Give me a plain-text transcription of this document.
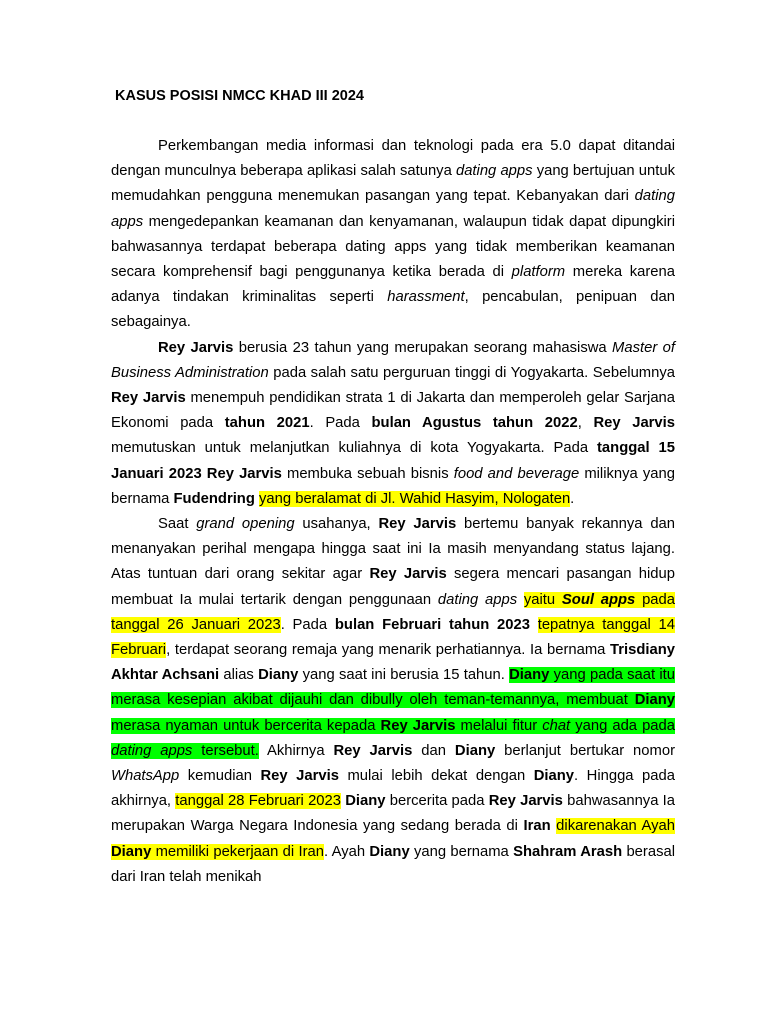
KASUS POSISI NMCC KHAD III 2024

Perkembangan media informasi dan teknologi pada era 5.0 dapat ditandai dengan munculnya beberapa aplikasi salah satunya dating apps yang bertujuan untuk memudahkan pengguna menemukan pasangan yang tepat. Kebanyakan dari dating apps mengedepankan keamanan dan kenyamanan, walaupun tidak dapat dipungkiri bahwasannya terdapat beberapa dating apps yang tidak memberikan keamanan secara komprehensif bagi penggunanya ketika berada di platform mereka karena adanya tindakan kriminalitas seperti harassment, pencabulan, penipuan dan sebagainya.

Rey Jarvis berusia 23 tahun yang merupakan seorang mahasiswa Master of Business Administration pada salah satu perguruan tinggi di Yogyakarta. Sebelumnya Rey Jarvis menempuh pendidikan strata 1 di Jakarta dan memperoleh gelar Sarjana Ekonomi pada tahun 2021. Pada bulan Agustus tahun 2022, Rey Jarvis memutuskan untuk melanjutkan kuliahnya di kota Yogyakarta. Pada tanggal 15 Januari 2023 Rey Jarvis membuka sebuah bisnis food and beverage miliknya yang bernama Fudendring yang beralamat di Jl. Wahid Hasyim, Nologaten.

Saat grand opening usahanya, Rey Jarvis bertemu banyak rekannya dan menanyakan perihal mengapa hingga saat ini Ia masih menyandang status lajang. Atas tuntuan dari orang sekitar agar Rey Jarvis segera mencari pasangan hidup membuat Ia mulai tertarik dengan penggunaan dating apps yaitu Soul apps pada tanggal 26 Januari 2023. Pada bulan Februari tahun 2023 tepatnya tanggal 14 Februari, terdapat seorang remaja yang menarik perhatiannya. Ia bernama Trisdiany Akhtar Achsani alias Diany yang saat ini berusia 15 tahun. Diany yang pada saat itu merasa kesepian akibat dijauhi dan dibully oleh teman-temannya, membuat Diany merasa nyaman untuk bercerita kepada Rey Jarvis melalui fitur chat yang ada pada dating apps tersebut. Akhirnya Rey Jarvis dan Diany berlanjut bertukar nomor WhatsApp kemudian Rey Jarvis mulai lebih dekat dengan Diany. Hingga pada akhirnya, tanggal 28 Februari 2023 Diany bercerita pada Rey Jarvis bahwasannya Ia merupakan Warga Negara Indonesia yang sedang berada di Iran dikarenakan Ayah Diany memiliki pekerjaan di Iran. Ayah Diany yang bernama Shahram Arash berasal dari Iran telah menikah
